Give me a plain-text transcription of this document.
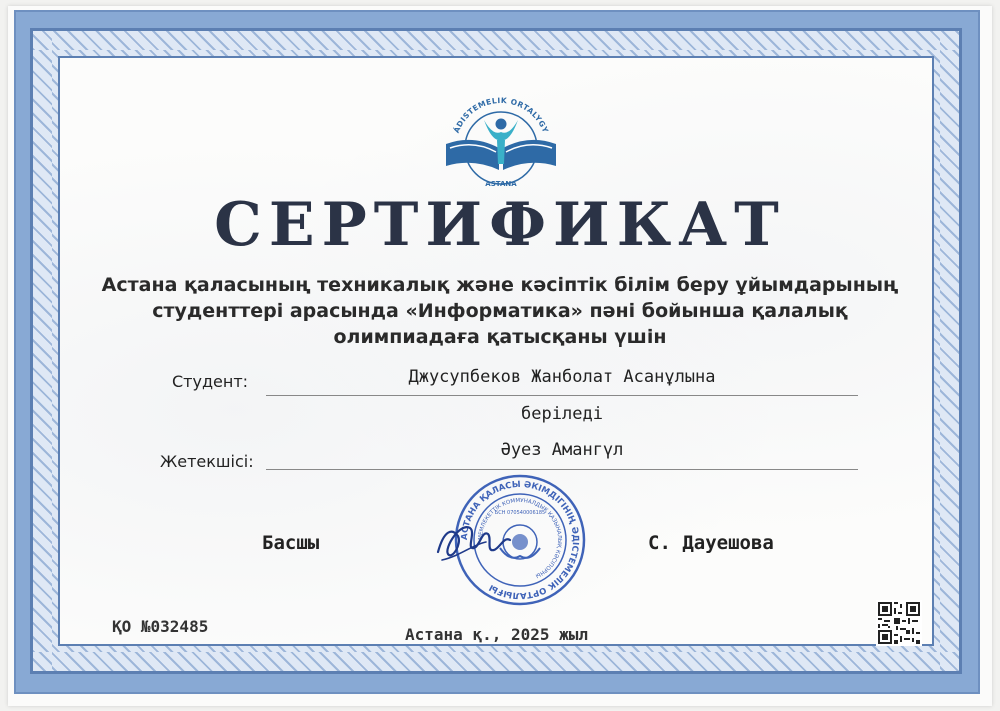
ÁDISTEMELIK ORTALYGY
ASTANA
СЕРТИФИКАТ
Астана қаласының техникалық және кәсіптік білім беру ұйымдарының
студенттері арасында «Информатика» пәні бойынша қалалық
олимпиадаға қатысқаны үшін
Студент:	Джусупбеков Жанболат Асанұлына
беріледі
Жетекшісі:
Әуез Амангүл
Басшы	С. Дауешова
АСТАНА ҚАЛАСЫ ӘКІМДІГІНІҢ ӘДІСТЕМЕЛІК ОРТАЛЫҒЫ
МЕМЛЕКЕТТІК КОММУНАЛДЫҚ ҚАЗЫНАЛЫҚ КӘСІПОРНЫ
БСН 070540006185
ҚО №032485	Астана қ., 2025 жыл
